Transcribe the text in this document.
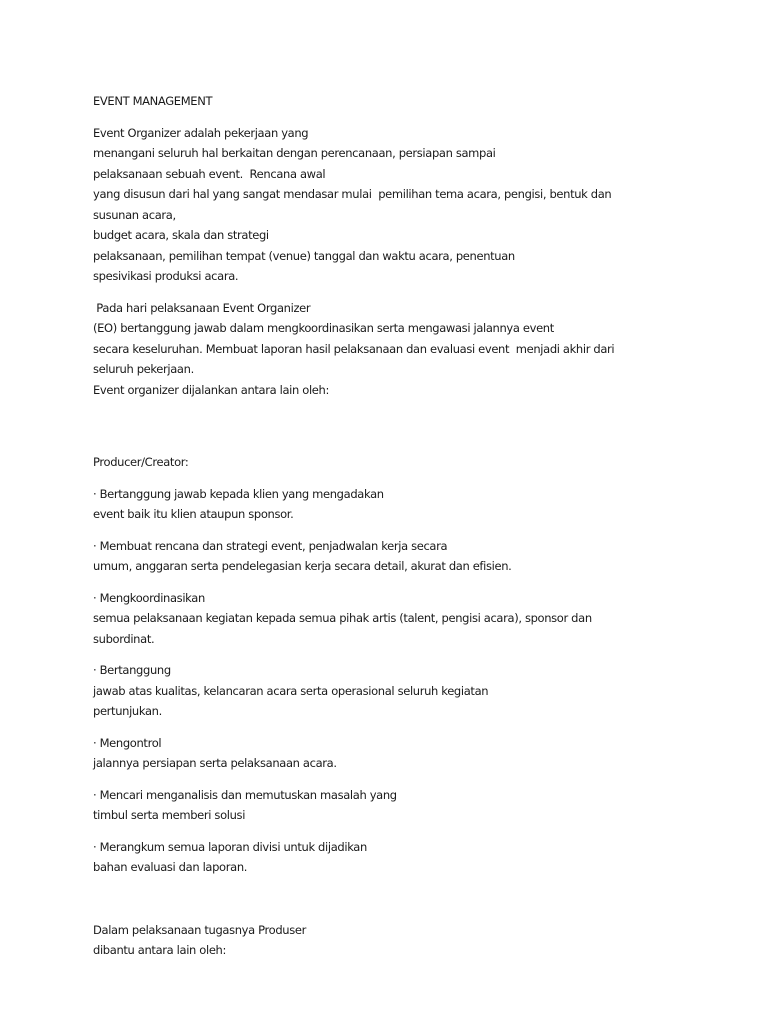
EVENT MANAGEMENT
Event Organizer adalah pekerjaan yang
menangani seluruh hal berkaitan dengan perencanaan, persiapan sampai
pelaksanaan sebuah event.  Rencana awal
yang disusun dari hal yang sangat mendasar mulai  pemilihan tema acara, pengisi, bentuk dan
susunan acara,
budget acara, skala dan strategi
pelaksanaan, pemilihan tempat (venue) tanggal dan waktu acara, penentuan
spesivikasi produksi acara.
Pada hari pelaksanaan Event Organizer
(EO) bertanggung jawab dalam mengkoordinasikan serta mengawasi jalannya event
secara keseluruhan. Membuat laporan hasil pelaksanaan dan evaluasi event  menjadi akhir dari
seluruh pekerjaan.
Event organizer dijalankan antara lain oleh:
Producer/Creator:
· Bertanggung jawab kepada klien yang mengadakan
event baik itu klien ataupun sponsor.
· Membuat rencana dan strategi event, penjadwalan kerja secara
umum, anggaran serta pendelegasian kerja secara detail, akurat dan efisien.
· Mengkoordinasikan
semua pelaksanaan kegiatan kepada semua pihak artis (talent, pengisi acara), sponsor dan
subordinat.
· Bertanggung
jawab atas kualitas, kelancaran acara serta operasional seluruh kegiatan
pertunjukan.
· Mengontrol
jalannya persiapan serta pelaksanaan acara.
· Mencari menganalisis dan memutuskan masalah yang
timbul serta memberi solusi
· Merangkum semua laporan divisi untuk dijadikan
bahan evaluasi dan laporan.
Dalam pelaksanaan tugasnya Produser
dibantu antara lain oleh:
